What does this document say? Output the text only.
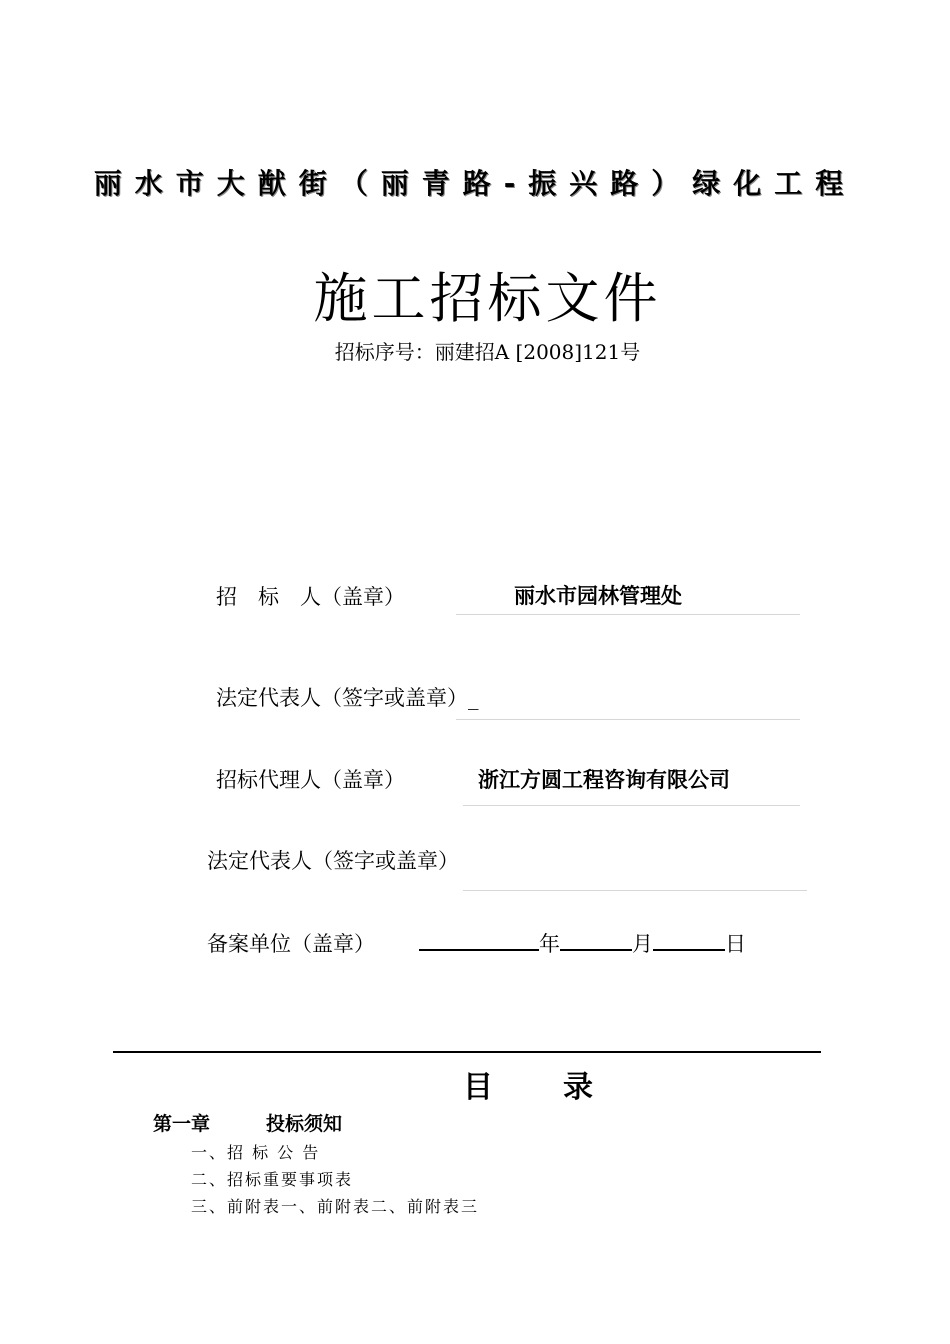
丽水市大猷街（丽青路-振兴路）绿化工程
施工招标文件
招标序号：丽建招A [2008]121号
招　标　人（盖章）	丽水市园林管理处
法定代表人（签字或盖章）_
招标代理人（盖章）	浙江方圆工程咨询有限公司
法定代表人（签字或盖章）
备案单位（盖章）	年	月	日
目 录
第一章	投标须知
一、招 标 公 告
二、招标重要事项表
三、前附表一、前附表二、前附表三
